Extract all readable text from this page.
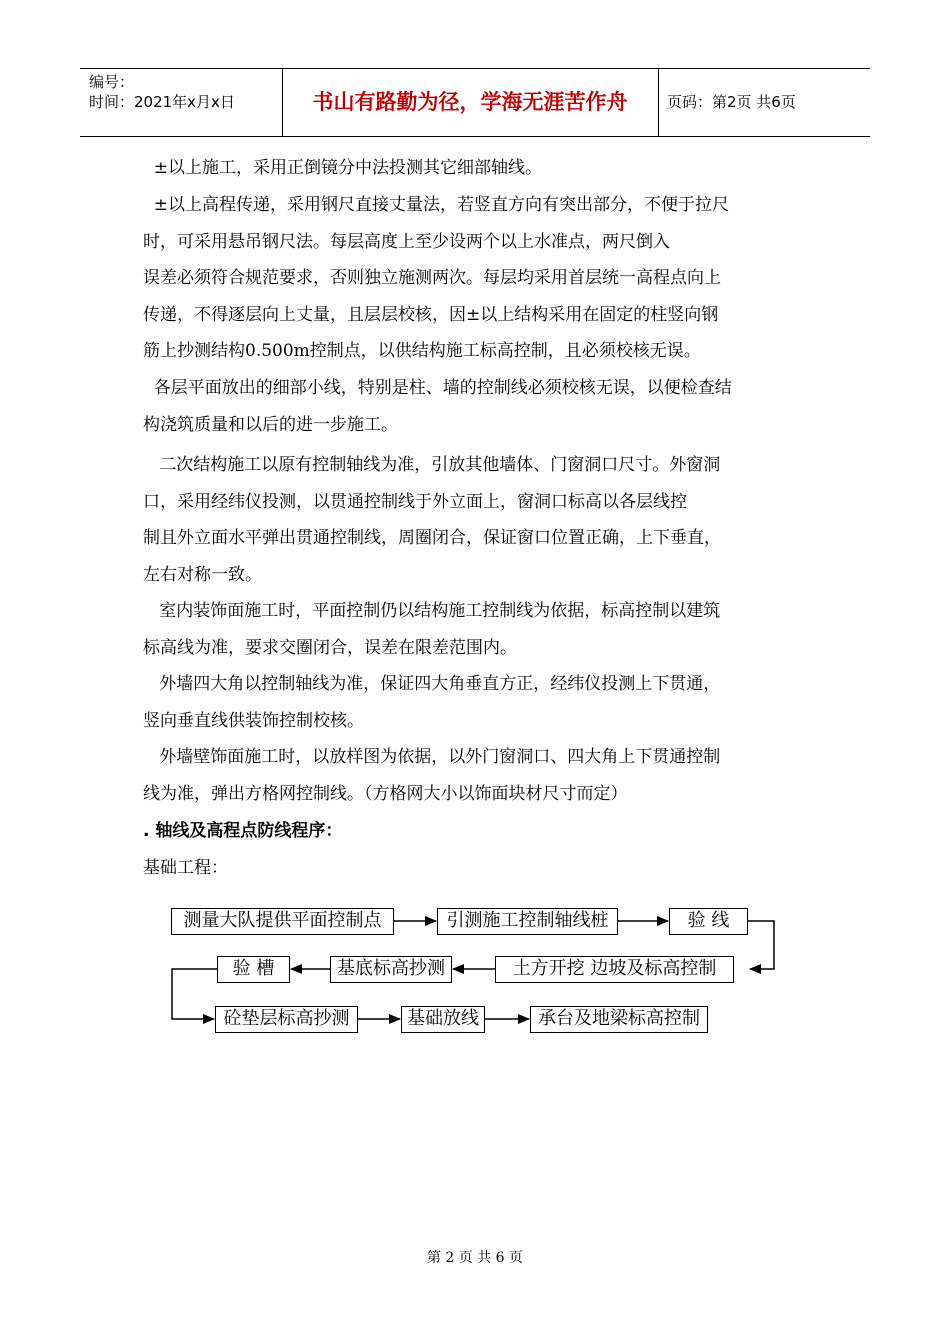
编号：
时间：2021年x月x日	书山有路勤为径，学海无涯苦作舟	页码：第2页 共6页
±以上施工，采用正倒镜分中法投测其它细部轴线。
±以上高程传递，采用钢尺直接丈量法，若竖直方向有突出部分，不便于拉尺
时，可采用悬吊钢尺法。每层高度上至少设两个以上水准点，两尺倒入
误差必须符合规范要求，否则独立施测两次。每层均采用首层统一高程点向上
传递，不得逐层向上丈量，且层层校核，因±以上结构采用在固定的柱竖向钢
筋上抄测结构0.500m控制点，以供结构施工标高控制，且必须校核无误。
各层平面放出的细部小线，特别是柱、墙的控制线必须校核无误，以便检查结
构浇筑质量和以后的进一步施工。
二次结构施工以原有控制轴线为准，引放其他墙体、门窗洞口尺寸。外窗洞
口，采用经纬仪投测，以贯通控制线于外立面上，窗洞口标高以各层线控
制且外立面水平弹出贯通控制线，周圈闭合，保证窗口位置正确，上下垂直，
左右对称一致。
室内装饰面施工时，平面控制仍以结构施工控制线为依据，标高控制以建筑
标高线为准，要求交圈闭合，误差在限差范围内。
外墙四大角以控制轴线为准，保证四大角垂直方正，经纬仪投测上下贯通，
竖向垂直线供装饰控制校核。
外墙壁饰面施工时，以放样图为依据，以外门窗洞口、四大角上下贯通控制
线为准，弹出方格网控制线。（方格网大小以饰面块材尺寸而定）
. 轴线及高程点防线程序：
基础工程：
测量大队提供平面控制点	引测施工控制轴线桩	验 线
土方开挖 边坡及标高控制
基底标高抄测
验 槽
砼垫层标高抄测	基础放线	承台及地梁标高控制
第 2 页 共 6 页
